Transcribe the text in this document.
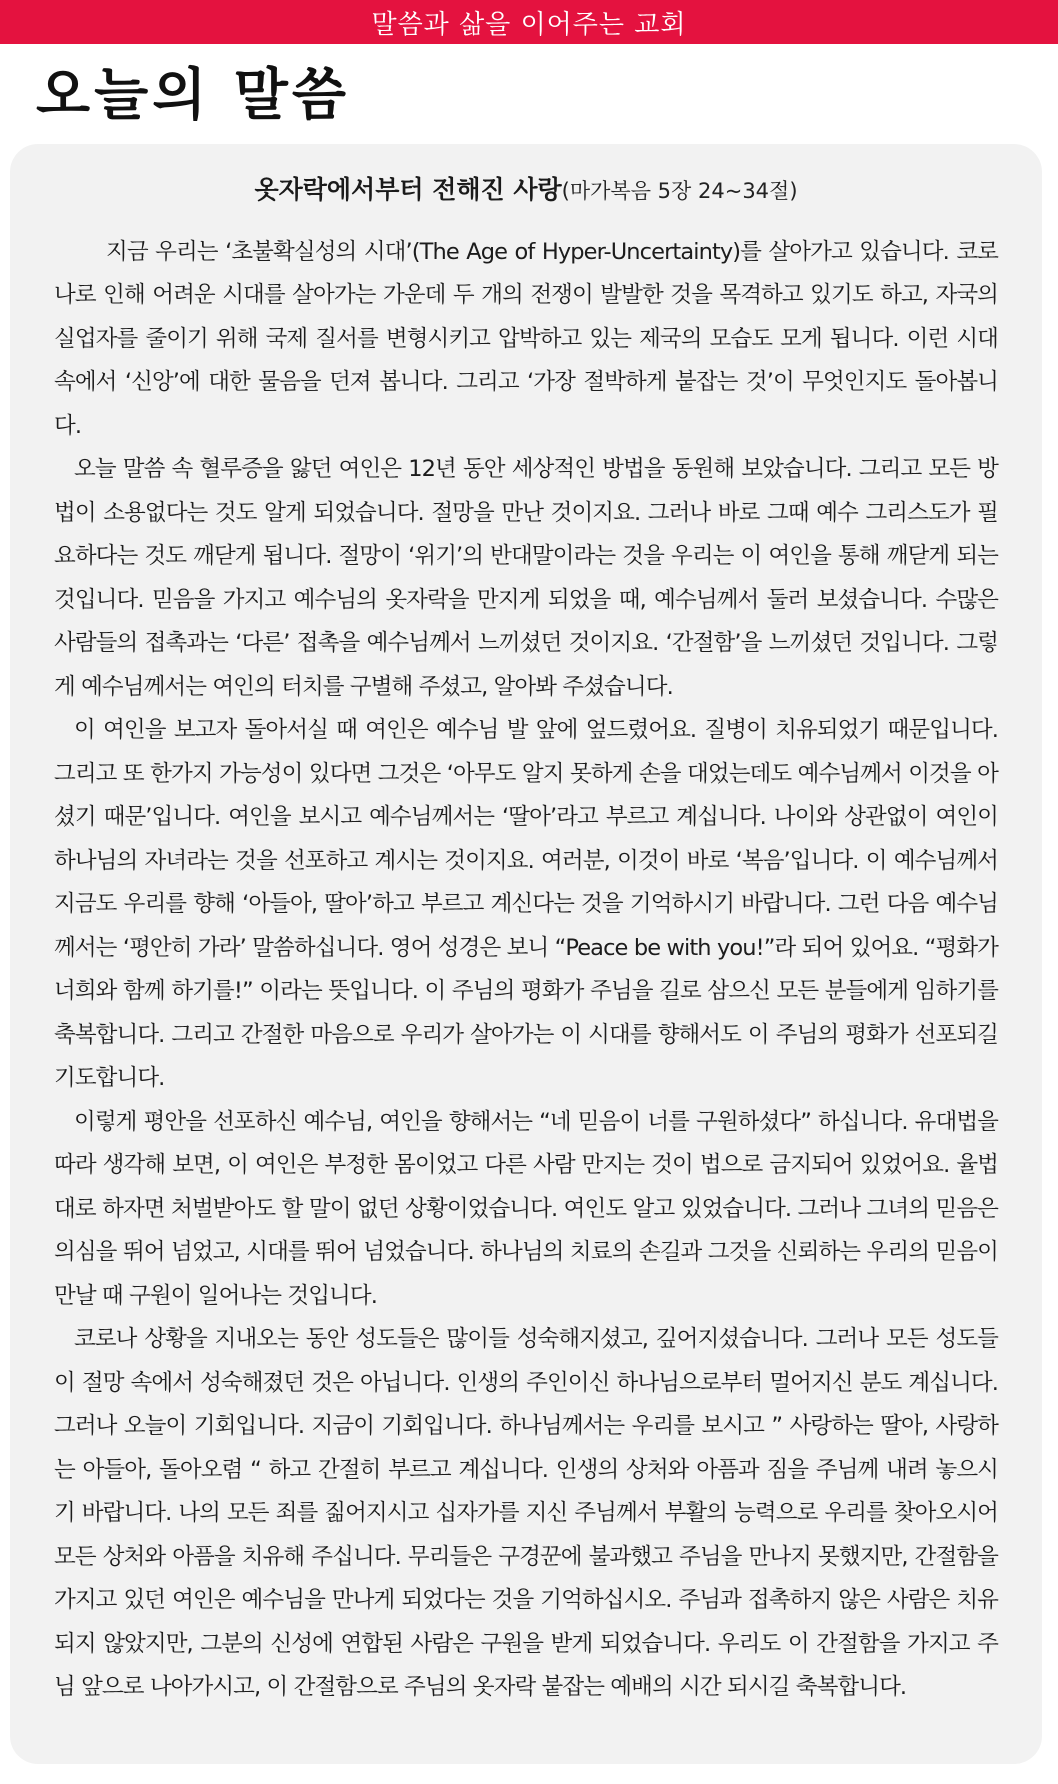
말씀과 삶을 이어주는 교회
오늘의 말씀
옷자락에서부터 전해진 사랑(마가복음 5장 24~34절)

지금 우리는 ‘초불확실성의 시대’(The Age of Hyper-Uncertainty)를 살아가고 있습니다. 코로나로 인해 어려운 시대를 살아가는 가운데 두 개의 전쟁이 발발한 것을 목격하고 있기도 하고, 자국의 실업자를 줄이기 위해 국제 질서를 변형시키고 압박하고 있는 제국의 모습도 모게 됩니다. 이런 시대 속에서 ‘신앙’에 대한 물음을 던져 봅니다. 그리고 ‘가장 절박하게 붙잡는 것’이 무엇인지도 돌아봅니다.

오늘 말씀 속 혈루증을 앓던 여인은 12년 동안 세상적인 방법을 동원해 보았습니다. 그리고 모든 방법이 소용없다는 것도 알게 되었습니다. 절망을 만난 것이지요. 그러나 바로 그때 예수 그리스도가 필요하다는 것도 깨닫게 됩니다. 절망이 ‘위기’의 반대말이라는 것을 우리는 이 여인을 통해 깨닫게 되는 것입니다. 믿음을 가지고 예수님의 옷자락을 만지게 되었을 때, 예수님께서 둘러 보셨습니다. 수많은 사람들의 접촉과는 ‘다른’ 접촉을 예수님께서 느끼셨던 것이지요. ‘간절함’을 느끼셨던 것입니다. 그렇게 예수님께서는 여인의 터치를 구별해 주셨고, 알아봐 주셨습니다.

이 여인을 보고자 돌아서실 때 여인은 예수님 발 앞에 엎드렸어요. 질병이 치유되었기 때문입니다. 그리고 또 한가지 가능성이 있다면 그것은 ‘아무도 알지 못하게 손을 대었는데도 예수님께서 이것을 아셨기 때문’입니다. 여인을 보시고 예수님께서는 ‘딸아’라고 부르고 계십니다. 나이와 상관없이 여인이 하나님의 자녀라는 것을 선포하고 계시는 것이지요. 여러분, 이것이 바로 ‘복음’입니다. 이 예수님께서 지금도 우리를 향해 ‘아들아, 딸아’하고 부르고 계신다는 것을 기억하시기 바랍니다. 그런 다음 예수님께서는 ‘평안히 가라’ 말씀하십니다. 영어 성경은 보니 “Peace be with you!”라 되어 있어요. “평화가 너희와 함께 하기를!” 이라는 뜻입니다. 이 주님의 평화가 주님을 길로 삼으신 모든 분들에게 임하기를 축복합니다. 그리고 간절한 마음으로 우리가 살아가는 이 시대를 향해서도 이 주님의 평화가 선포되길 기도합니다.

이렇게 평안을 선포하신 예수님, 여인을 향해서는 “네 믿음이 너를 구원하셨다” 하십니다. 유대법을 따라 생각해 보면, 이 여인은 부정한 몸이었고 다른 사람 만지는 것이 법으로 금지되어 있었어요. 율법대로 하자면 처벌받아도 할 말이 없던 상황이었습니다. 여인도 알고 있었습니다. 그러나 그녀의 믿음은 의심을 뛰어 넘었고, 시대를 뛰어 넘었습니다. 하나님의 치료의 손길과 그것을 신뢰하는 우리의 믿음이 만날 때 구원이 일어나는 것입니다.

코로나 상황을 지내오는 동안 성도들은 많이들 성숙해지셨고, 깊어지셨습니다. 그러나 모든 성도들이 절망 속에서 성숙해졌던 것은 아닙니다. 인생의 주인이신 하나님으로부터 멀어지신 분도 계십니다. 그러나 오늘이 기회입니다. 지금이 기회입니다. 하나님께서는 우리를 보시고 ” 사랑하는 딸아, 사랑하는 아들아, 돌아오렴 “ 하고 간절히 부르고 계십니다. 인생의 상처와 아픔과 짐을 주님께 내려 놓으시기 바랍니다. 나의 모든 죄를 짊어지시고 십자가를 지신 주님께서 부활의 능력으로 우리를 찾아오시어 모든 상처와 아픔을 치유해 주십니다. 무리들은 구경꾼에 불과했고 주님을 만나지 못했지만, 간절함을 가지고 있던 여인은 예수님을 만나게 되었다는 것을 기억하십시오. 주님과 접촉하지 않은 사람은 치유되지 않았지만, 그분의 신성에 연합된 사람은 구원을 받게 되었습니다. 우리도 이 간절함을 가지고 주님 앞으로 나아가시고, 이 간절함으로 주님의 옷자락 붙잡는 예배의 시간 되시길 축복합니다.
